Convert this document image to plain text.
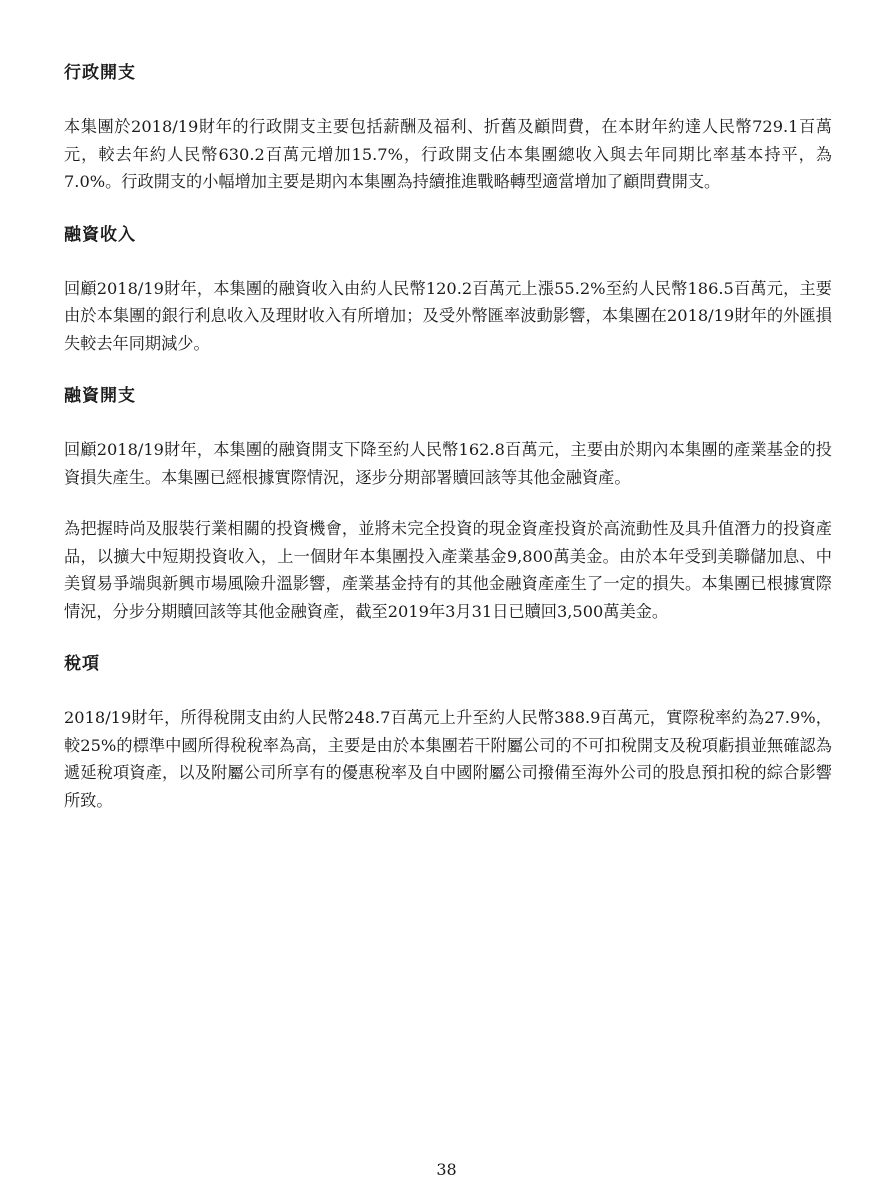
行政開支

本集團於2018/19財年的行政開支主要包括薪酬及福利、折舊及顧問費，在本財年約達人民幣729.1百萬元，較去年約人民幣630.2百萬元增加15.7%，行政開支佔本集團總收入與去年同期比率基本持平，為7.0%。行政開支的小幅增加主要是期內本集團為持續推進戰略轉型適當增加了顧問費開支。

融資收入

回顧2018/19財年，本集團的融資收入由約人民幣120.2百萬元上漲55.2%至約人民幣186.5百萬元，主要由於本集團的銀行利息收入及理財收入有所增加；及受外幣匯率波動影響，本集團在2018/19財年的外匯損失較去年同期減少。

融資開支

回顧2018/19財年，本集團的融資開支下降至約人民幣162.8百萬元，主要由於期內本集團的產業基金的投資損失產生。本集團已經根據實際情況，逐步分期部署贖回該等其他金融資產。

為把握時尚及服裝行業相關的投資機會，並將未完全投資的現金資產投資於高流動性及具升值潛力的投資產品，以擴大中短期投資收入，上一個財年本集團投入產業基金9,800萬美金。由於本年受到美聯儲加息、中美貿易爭端與新興市場風險升溫影響，產業基金持有的其他金融資產產生了一定的損失。本集團已根據實際情況，分步分期贖回該等其他金融資產，截至2019年3月31日已贖回3,500萬美金。

稅項

2018/19財年，所得稅開支由約人民幣248.7百萬元上升至約人民幣388.9百萬元，實際稅率約為27.9%，較25%的標準中國所得稅稅率為高，主要是由於本集團若干附屬公司的不可扣稅開支及稅項虧損並無確認為遞延稅項資產，以及附屬公司所享有的優惠稅率及自中國附屬公司撥備至海外公司的股息預扣稅的綜合影響所致。

38
